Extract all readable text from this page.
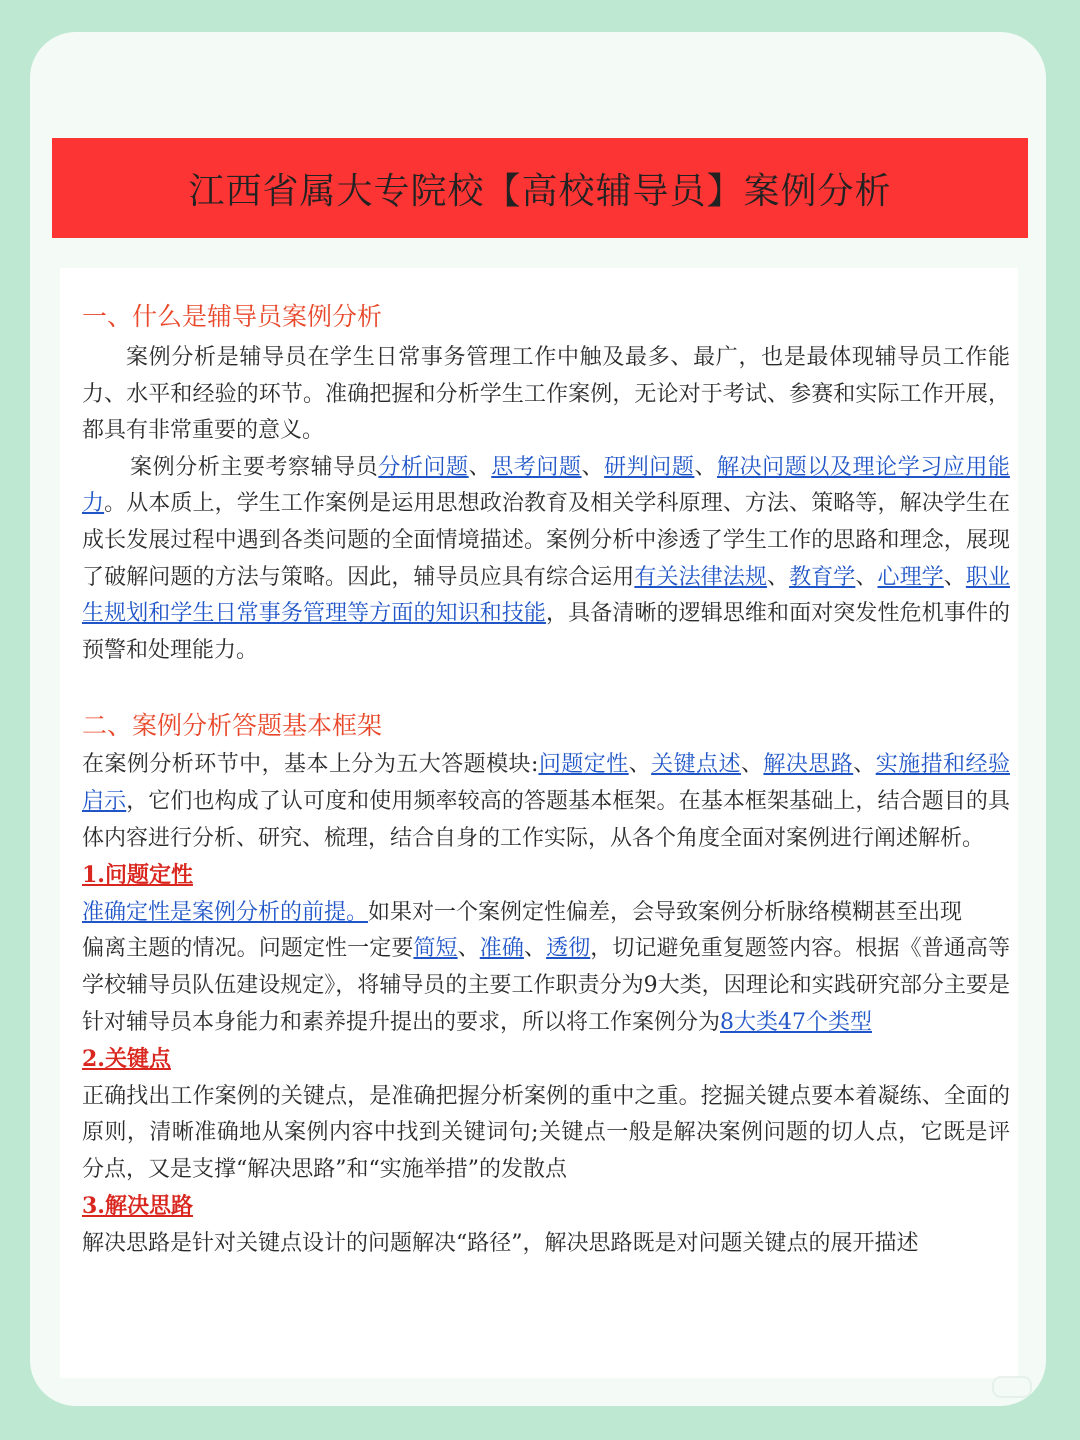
江西省属大专院校【高校辅导员】案例分析

一、什么是辅导员案例分析

案例分析是辅导员在学生日常事务管理工作中触及最多、最广，也是最体现辅导员工作能力、水平和经验的环节。准确把握和分析学生工作案例，无论对于考试、参赛和实际工作开展，都具有非常重要的意义。

案例分析主要考察辅导员分析问题、思考问题、研判问题、解决问题以及理论学习应用能力。从本质上，学生工作案例是运用思想政治教育及相关学科原理、方法、策略等，解决学生在成长发展过程中遇到各类问题的全面情境描述。案例分析中渗透了学生工作的思路和理念，展现了破解问题的方法与策略。因此，辅导员应具有综合运用有关法律法规、教育学、心理学、职业生规划和学生日常事务管理等方面的知识和技能，具备清晰的逻辑思维和面对突发性危机事件的预警和处理能力。

二、案例分析答题基本框架

在案例分析环节中，基本上分为五大答题模块:问题定性、关键点述、解决思路、实施措和经验启示，它们也构成了认可度和使用频率较高的答题基本框架。在基本框架基础上，结合题目的具体内容进行分析、研究、梳理，结合自身的工作实际，从各个角度全面对案例进行阐述解析。

1.问题定性

准确定性是案例分析的前提。如果对一个案例定性偏差，会导致案例分析脉络模糊甚至出现

偏离主题的情况。问题定性一定要简短、准确、透彻，切记避免重复题签内容。根据《普通高等学校辅导员队伍建设规定》，将辅导员的主要工作职责分为9大类，因理论和实践研究部分主要是针对辅导员本身能力和素养提升提出的要求，所以将工作案例分为8大类47个类型

2.关键点

正确找出工作案例的关键点，是准确把握分析案例的重中之重。挖掘关键点要本着凝练、全面的原则，清晰准确地从案例内容中找到关键词句;关键点一般是解决案例问题的切人点，它既是评分点，又是支撑“解决思路”和“实施举措”的发散点

3.解决思路

解决思路是针对关键点设计的问题解决“路径”，解决思路既是对问题关键点的展开描述
